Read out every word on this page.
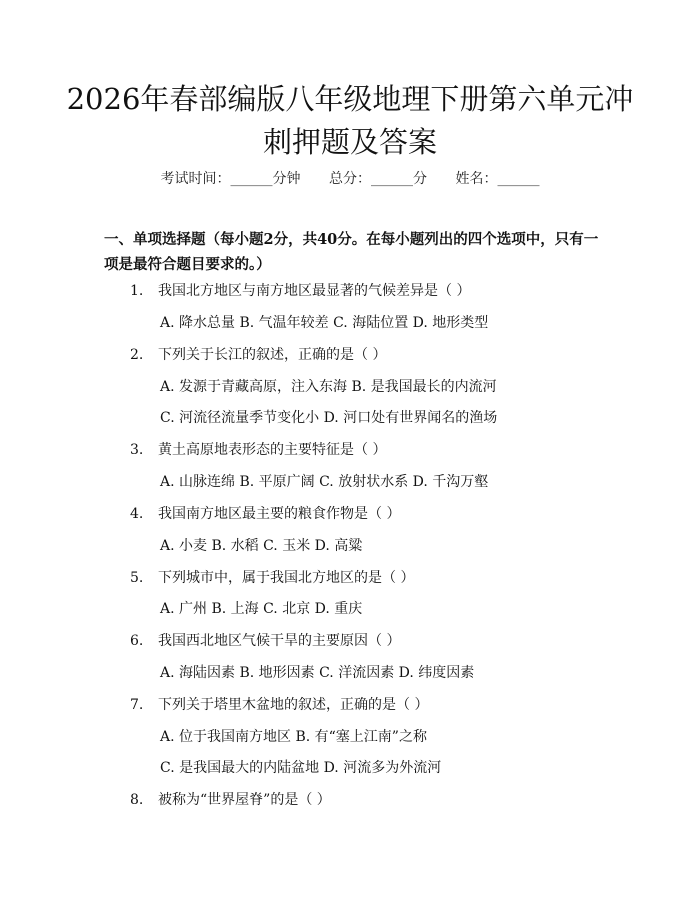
2026年春部编版八年级地理下册第六单元冲刺押题及答案
考试时间：______分钟 总分：______分 姓名：______
一、单项选择题（每小题2分，共40分。在每小题列出的四个选项中，只有一项是最符合题目要求的。）
1. 我国北方地区与南方地区最显著的气候差异是（ ）
A. 降水总量 B. 气温年较差 C. 海陆位置 D. 地形类型
2. 下列关于长江的叙述，正确的是（ ）
A. 发源于青藏高原，注入东海 B. 是我国最长的内流河
C. 河流径流量季节变化小 D. 河口处有世界闻名的渔场
3. 黄土高原地表形态的主要特征是（ ）
A. 山脉连绵 B. 平原广阔 C. 放射状水系 D. 千沟万壑
4. 我国南方地区最主要的粮食作物是（ ）
A. 小麦 B. 水稻 C. 玉米 D. 高粱
5. 下列城市中，属于我国北方地区的是（ ）
A. 广州 B. 上海 C. 北京 D. 重庆
6. 我国西北地区气候干旱的主要原因（ ）
A. 海陆因素 B. 地形因素 C. 洋流因素 D. 纬度因素
7. 下列关于塔里木盆地的叙述，正确的是（ ）
A. 位于我国南方地区 B. 有“塞上江南”之称
C. 是我国最大的内陆盆地 D. 河流多为外流河
8. 被称为“世界屋脊”的是（ ）
